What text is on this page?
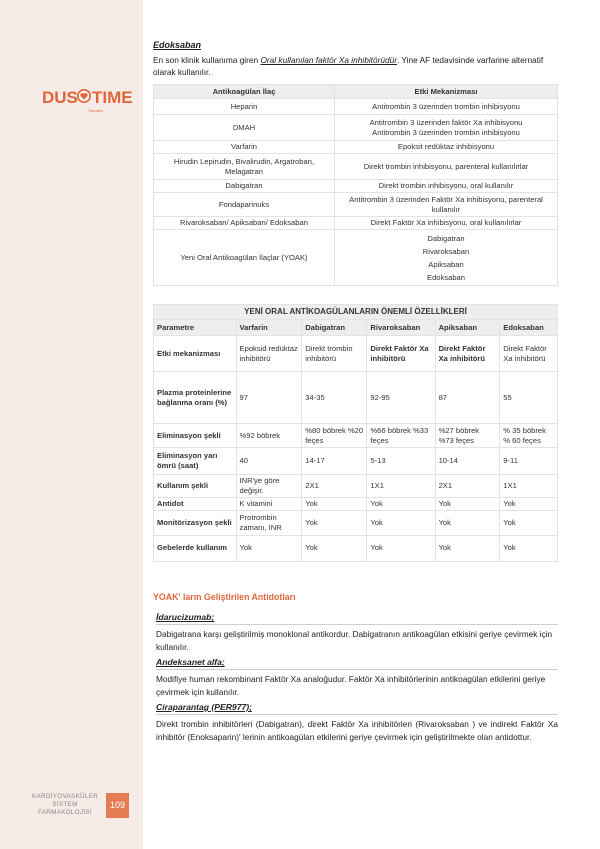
DUS TIME
Yayınevi
KARDİYOVASKÜLER
SİSTEM
FARMAKOLOJİSİ
109
Edoksaban
En son klinik kullanıma giren Oral kullanılan faktör Xa inhibitörüdür. Yine AF tedavisinde varfarine alternatif olarak kullanılır.
Antikoagülan İlaç	Etki Mekanizması
Heparin	Antitrombin 3 üzerinden trombin inhibisyonu

DMAH	Antitrombin 3 üzerinden faktör Xa inhibisyonu
Antitrombin 3 üzerinden trombin inhibisyonu

Varfarin	Epoksit redüktaz inhibisyonu

Hirudin Lepirudin, Bivalirudin, Argatroban, Melagatran	Direkt trombin inhibisyonu, parenteral kullanılırlar

Dabigatran	Direkt trombin inhibisyonu, oral kullanılır

Fondaparinuks	Antitrombin 3 üzerinden Faktör Xa inhibisyonu, parenteral kullanılır

Rivaroksaban/ Apiksaban/ Edoksaban	Direkt Faktör Xa inhibisyonu, oral kullanılırlar

Yeni Oral Antikoagülan İlaçlar (YOAK)	Dabigatran
Rivaroksaban
Apiksaban
Edoksaban
YENİ ORAL ANTİKOAGÜLANLARIN ÖNEMLİ ÖZELLİKLERİ					
Parametre	Varfarin	Dabigatran	Rivaroksaban	Apiksaban	Edoksaban
Etki mekanizması	Epoksid redüktaz inhibitörü	Direkt trombin inhibitörü	Direkt Faktör Xa inhibitörü	Direkt Faktör Xa inhibitörü	Direkt Faktör Xa inhibitörü
Plazma proteinlerine bağlanma oranı (%)	97	34-35	92-95	87	55
Eliminasyon şekli	%92 böbrek	%80 böbrek %20 feçes	%66 böbrek %33 feçes	%27 böbrek %73 feçes	% 35 böbrek % 60 feçes
Eliminasyon yarı ömrü (saat)	40	14-17	5-13	10-14	9-11
Kullanım şekli	INR'ye göre değişir.	2X1	1X1	2X1	1X1
Antidot	K vitamini	Yok	Yok	Yok	Yok
Monitörizasyon şekli	Protrombin zamanı, INR	Yok	Yok	Yok	Yok
Gebelerde kullanım	Yok	Yok	Yok	Yok	Yok
YOAK' ların Geliştirilen Antidotları
İdarucizumab;
Dabigatrana karşı geliştirilmiş monoklonal antikordur. Dabigatranın antikoagülan etkisini geriye çevirmek için kullanılır.
Andeksanet alfa;
Modifiye human rekombinant Faktör Xa analoğudur. Faktör Xa inhibitörlerinin antikoagülan etkilerini geriye çevirmek için kullanılır.
Ciraparantag (PER977);
Direkt trombin inhibitörleri (Dabigatran), direkt Faktör Xa inhibitörleri (Rivaroksaban ) ve indirekt Faktör Xa inhibitör (Enoksaparin)' lerinin antikoagülan etkilerini geriye çevirmek için geliştirilmekte olan antidottur.
